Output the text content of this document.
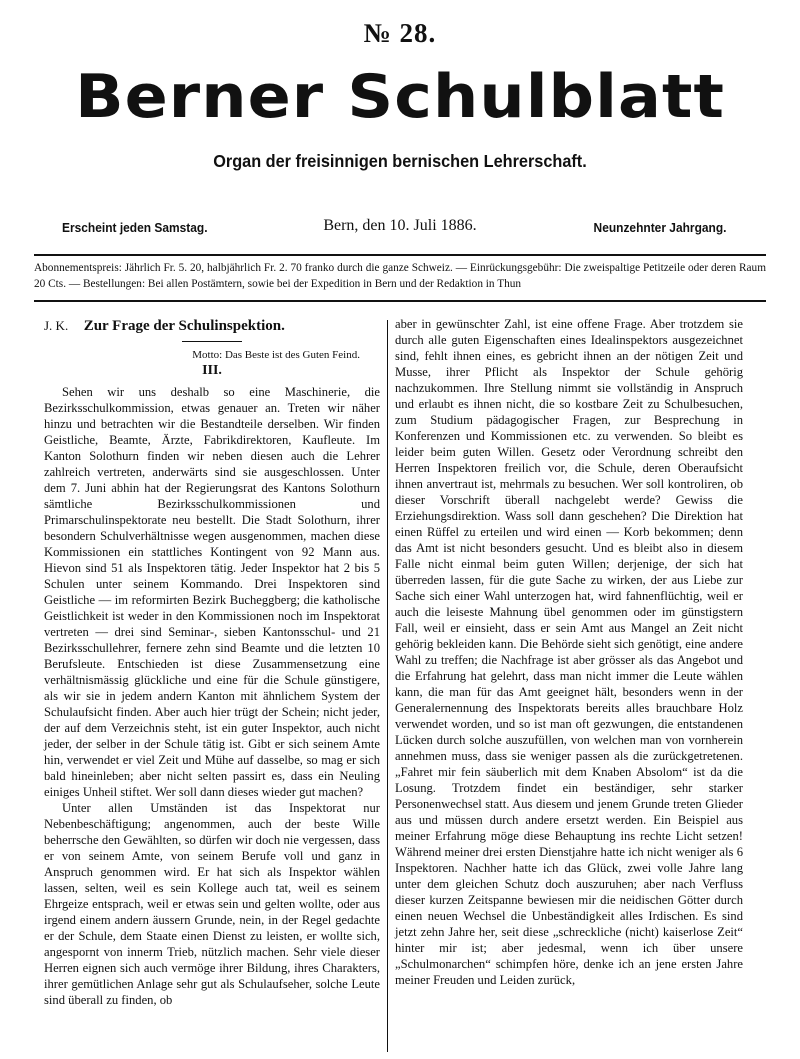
№ 28.
Berner Schulblatt
Organ der freisinnigen bernischen Lehrerschaft.
Erscheint jeden Samstag.	Bern, den 10. Juli 1886.	Neunzehnter Jahrgang.
Abonnementspreis: Jährlich Fr. 5. 20, halbjährlich Fr. 2. 70 franko durch die ganze Schweiz. — Einrückungsgebühr: Die zweispaltige Petitzeile oder deren Raum 20 Cts. — Bestellungen: Bei allen Postämtern, sowie bei der Expedition in Bern und der Redaktion in Thun
J. K. Zur Frage der Schulinspektion.
Motto: Das Beste ist des Guten Feind.
III.

Sehen wir uns deshalb so eine Maschinerie, die Bezirksschulkommission, etwas genauer an. Treten wir näher hinzu und betrachten wir die Bestandteile derselben. Wir finden Geistliche, Beamte, Ärzte, Fabrikdirektoren, Kaufleute. Im Kanton Solothurn finden wir neben diesen auch die Lehrer zahlreich vertreten, anderwärts sind sie ausgeschlossen. Unter dem 7. Juni abhin hat der Regierungsrat des Kantons Solothurn sämtliche Bezirksschulkommissionen und Primarschulinspektorate neu bestellt. Die Stadt Solothurn, ihrer besondern Schulverhältnisse wegen ausgenommen, machen diese Kommissionen ein stattliches Kontingent von 92 Mann aus. Hievon sind 51 als Inspektoren tätig. Jeder Inspektor hat 2 bis 5 Schulen unter seinem Kommando. Drei Inspektoren sind Geistliche — im reformirten Bezirk Bucheggberg; die katholische Geistlichkeit ist weder in den Kommissionen noch im Inspektorat vertreten — drei sind Seminar-, sieben Kantonsschul- und 21 Bezirksschullehrer, fernere zehn sind Beamte und die letzten 10 Berufsleute. Entschieden ist diese Zusammensetzung eine verhältnismässig glückliche und eine für die Schule günstigere, als wir sie in jedem andern Kanton mit ähnlichem System der Schulaufsicht finden. Aber auch hier trügt der Schein; nicht jeder, der auf dem Verzeichnis steht, ist ein guter Inspektor, auch nicht jeder, der selber in der Schule tätig ist. Gibt er sich seinem Amte hin, verwendet er viel Zeit und Mühe auf dasselbe, so mag er sich bald hineinleben; aber nicht selten passirt es, dass ein Neuling einiges Unheil stiftet. Wer soll dann dieses wieder gut machen?

Unter allen Umständen ist das Inspektorat nur Nebenbeschäftigung; angenommen, auch der beste Wille beherrsche den Gewählten, so dürfen wir doch nie vergessen, dass er von seinem Amte, von seinem Berufe voll und ganz in Anspruch genommen wird. Er hat sich als Inspektor wählen lassen, selten, weil es sein Kollege auch tat, weil es seinem Ehrgeize entsprach, weil er etwas sein und gelten wollte, oder aus irgend einem andern äussern Grunde, nein, in der Regel gedachte er der Schule, dem Staate einen Dienst zu leisten, er wollte sich, angespornt von innerm Trieb, nützlich machen. Sehr viele dieser Herren eignen sich auch vermöge ihrer Bildung, ihres Charakters, ihrer gemütlichen Anlage sehr gut als Schulaufseher, solche Leute sind überall zu finden, ob

aber in gewünschter Zahl, ist eine offene Frage. Aber trotzdem sie durch alle guten Eigenschaften eines Idealinspektors ausgezeichnet sind, fehlt ihnen eines, es gebricht ihnen an der nötigen Zeit und Musse, ihrer Pflicht als Inspektor der Schule gehörig nachzukommen. Ihre Stellung nimmt sie vollständig in Anspruch und erlaubt es ihnen nicht, die so kostbare Zeit zu Schulbesuchen, zum Studium pädagogischer Fragen, zur Besprechung in Konferenzen und Kommissionen etc. zu verwenden. So bleibt es leider beim guten Willen. Gesetz oder Verordnung schreibt den Herren Inspektoren freilich vor, die Schule, deren Oberaufsicht ihnen anvertraut ist, mehrmals zu besuchen. Wer soll kontroliren, ob dieser Vorschrift überall nachgelebt werde? Gewiss die Erziehungsdirektion. Wass soll dann geschehen? Die Direktion hat einen Rüffel zu erteilen und wird einen — Korb bekommen; denn das Amt ist nicht besonders gesucht. Und es bleibt also in diesem Falle nicht einmal beim guten Willen; derjenige, der sich hat überreden lassen, für die gute Sache zu wirken, der aus Liebe zur Sache sich einer Wahl unterzogen hat, wird fahnenflüchtig, weil er auch die leiseste Mahnung übel genommen oder im günstigstern Fall, weil er einsieht, dass er sein Amt aus Mangel an Zeit nicht gehörig bekleiden kann. Die Behörde sieht sich genötigt, eine andere Wahl zu treffen; die Nachfrage ist aber grösser als das Angebot und die Erfahrung hat gelehrt, dass man nicht immer die Leute wählen kann, die man für das Amt geeignet hält, besonders wenn in der Generalernennung des Inspektorats bereits alles brauchbare Holz verwendet worden, und so ist man oft gezwungen, die entstandenen Lücken durch solche auszufüllen, von welchen man von vornherein annehmen muss, dass sie weniger passen als die zurückgetretenen. „Fahret mir fein säuberlich mit dem Knaben Absolom“ ist da die Losung. Trotzdem findet ein beständiger, sehr starker Personenwechsel statt. Aus diesem und jenem Grunde treten Glieder aus und müssen durch andere ersetzt werden. Ein Beispiel aus meiner Erfahrung möge diese Behauptung ins rechte Licht setzen! Während meiner drei ersten Dienstjahre hatte ich nicht weniger als 6 Inspektoren. Nachher hatte ich das Glück, zwei volle Jahre lang unter dem gleichen Schutz doch auszuruhen; aber nach Verfluss dieser kurzen Zeitspanne bewiesen mir die neidischen Götter durch einen neuen Wechsel die Unbeständigkeit alles Irdischen. Es sind jetzt zehn Jahre her, seit diese „schreckliche (nicht) kaiserlose Zeit“ hinter mir ist; aber jedesmal, wenn ich über unsere „Schulmonarchen“ schimpfen höre, denke ich an jene ersten Jahre meiner Freuden und Leiden zurück,
